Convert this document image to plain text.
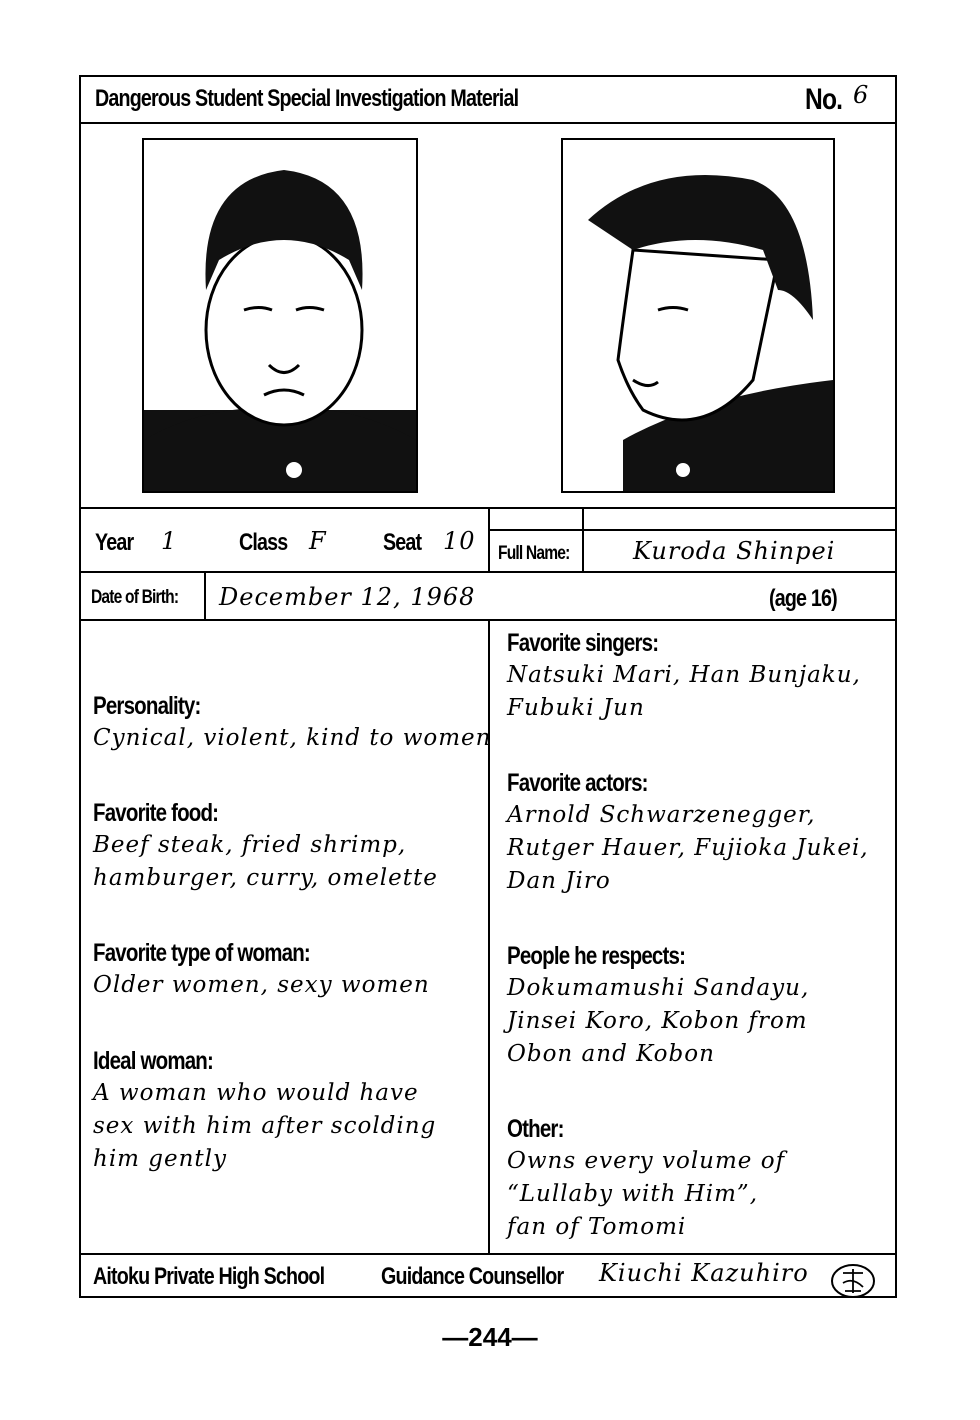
Dangerous Student Special Investigation Material	No. 6
Year 1	Class F Seat 10 Full Name:	Kuroda Shinpei
Date of Birth: December 12, 1968	(age 16)
Personality:
Cynical, violent, kind to women
Favorite food:
Beef steak, fried shrimp,
hamburger, curry, omelette
Favorite type of woman:
Older women, sexy women
Ideal woman:
A woman who would have
sex with him after scolding
him gently
Favorite singers:
Natsuki Mari, Han Bunjaku,
Fubuki Jun
Favorite actors:
Arnold Schwarzenegger,
Rutger Hauer, Fujioka Jukei,
Dan Jiro
People he respects:
Dokumamushi Sandayu,
Jinsei Koro, Kobon from
Obon and Kobon
Other:
Owns every volume of
“Lullaby with Him”,
fan of Tomomi
Aitoku Private High School Guidance Counsellor Kiuchi Kazuhiro
—244—
